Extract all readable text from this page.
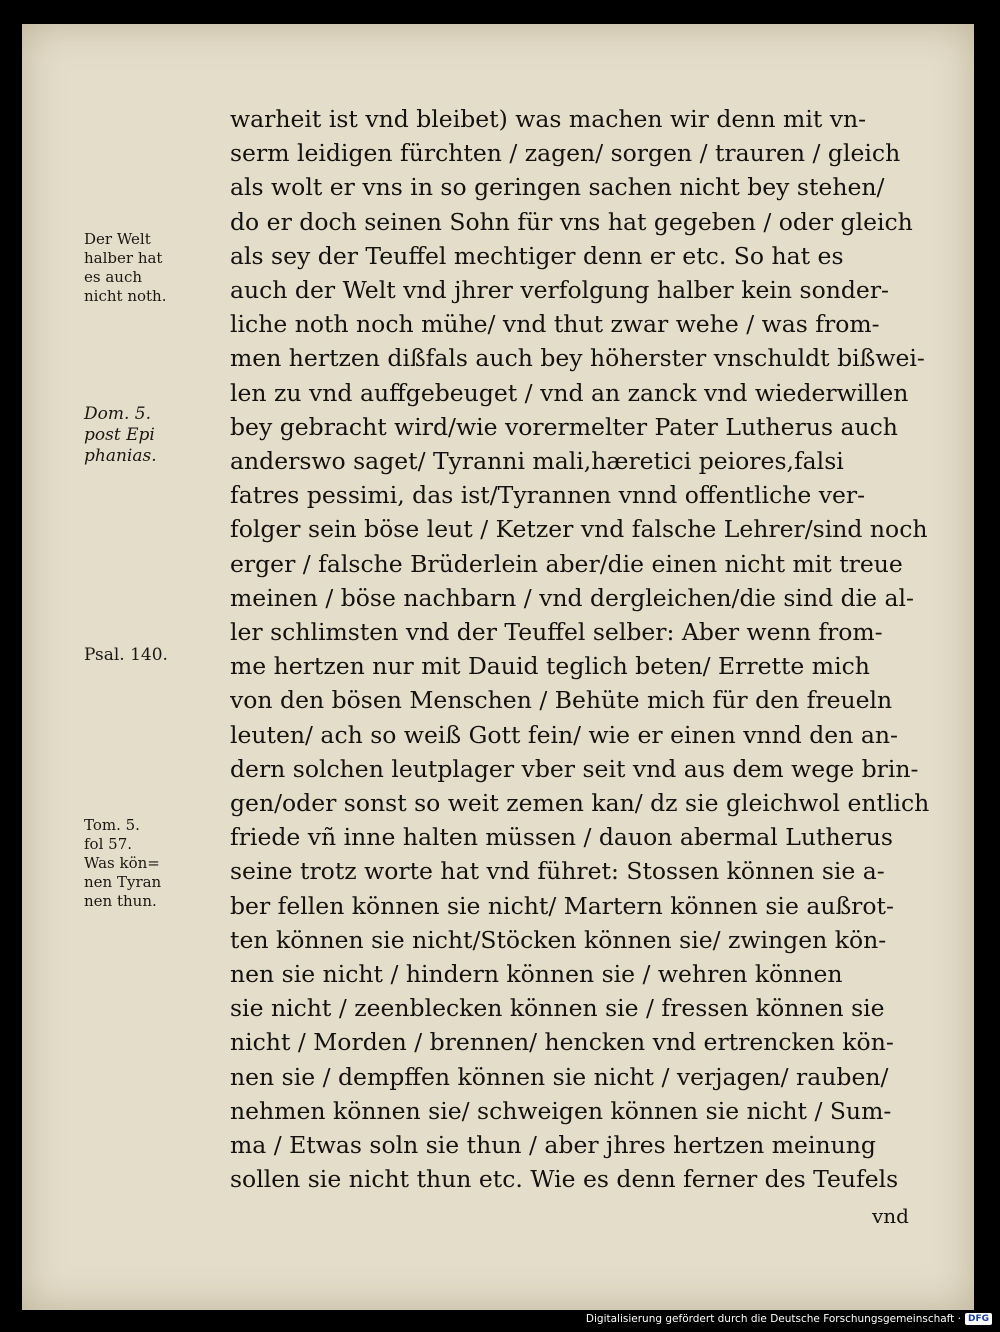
Der Welt
halber hat
es auch
nicht noth.
Dom. 5.
post Epi
phanias.
Psal. 140.
Tom. 5.
fol 57.
Was kön=
nen Tyran
nen thun.
warheit ist vnd bleibet) was machen wir denn mit vn-
serm leidigen fürchten / zagen/ sorgen / trauren / gleich
als wolt er vns in so geringen sachen nicht bey stehen/
do er doch seinen Sohn für vns hat gegeben / oder gleich
als sey der Teuffel mechtiger denn er etc. So hat es
auch der Welt vnd jhrer verfolgung halber kein sonder-
liche noth noch mühe/ vnd thut zwar wehe / was from-
men hertzen dißfals auch bey höherster vnschuldt bißwei-
len zu vnd auffgebeuget / vnd an zanck vnd wiederwillen
bey gebracht wird/wie vorermelter Pater Lutherus auch
anderswo saget/ Tyranni mali,hæretici peiores,falsi
fatres pessimi, das ist/Tyrannen vnnd offentliche ver-
folger sein böse leut / Ketzer vnd falsche Lehrer/sind noch
erger / falsche Brüderlein aber/die einen nicht mit treue
meinen / böse nachbarn / vnd dergleichen/die sind die al-
ler schlimsten vnd der Teuffel selber: Aber wenn from-
me hertzen nur mit Dauid teglich beten/ Errette mich
von den bösen Menschen / Behüte mich für den freueln
leuten/ ach so weiß Gott fein/ wie er einen vnnd den an-
dern solchen leutplager vber seit vnd aus dem wege brin-
gen/oder sonst so weit zemen kan/ dz sie gleichwol entlich
friede vñ inne halten müssen / dauon abermal Lutherus
seine trotz worte hat vnd führet: Stossen können sie a-
ber fellen können sie nicht/ Martern können sie außrot-
ten können sie nicht/Stöcken können sie/ zwingen kön-
nen sie nicht / hindern können sie / wehren können
sie nicht / zeenblecken können sie / fressen können sie
nicht / Morden / brennen/ hencken vnd ertrencken kön-
nen sie / dempffen können sie nicht / verjagen/ rauben/
nehmen können sie/ schweigen können sie nicht / Sum-
ma / Etwas soln sie thun / aber jhres hertzen meinung
sollen sie nicht thun etc. Wie es denn ferner des Teufels
vnd
Digitalisierung gefördert durch die Deutsche Forschungsgemeinschaft · DFG
